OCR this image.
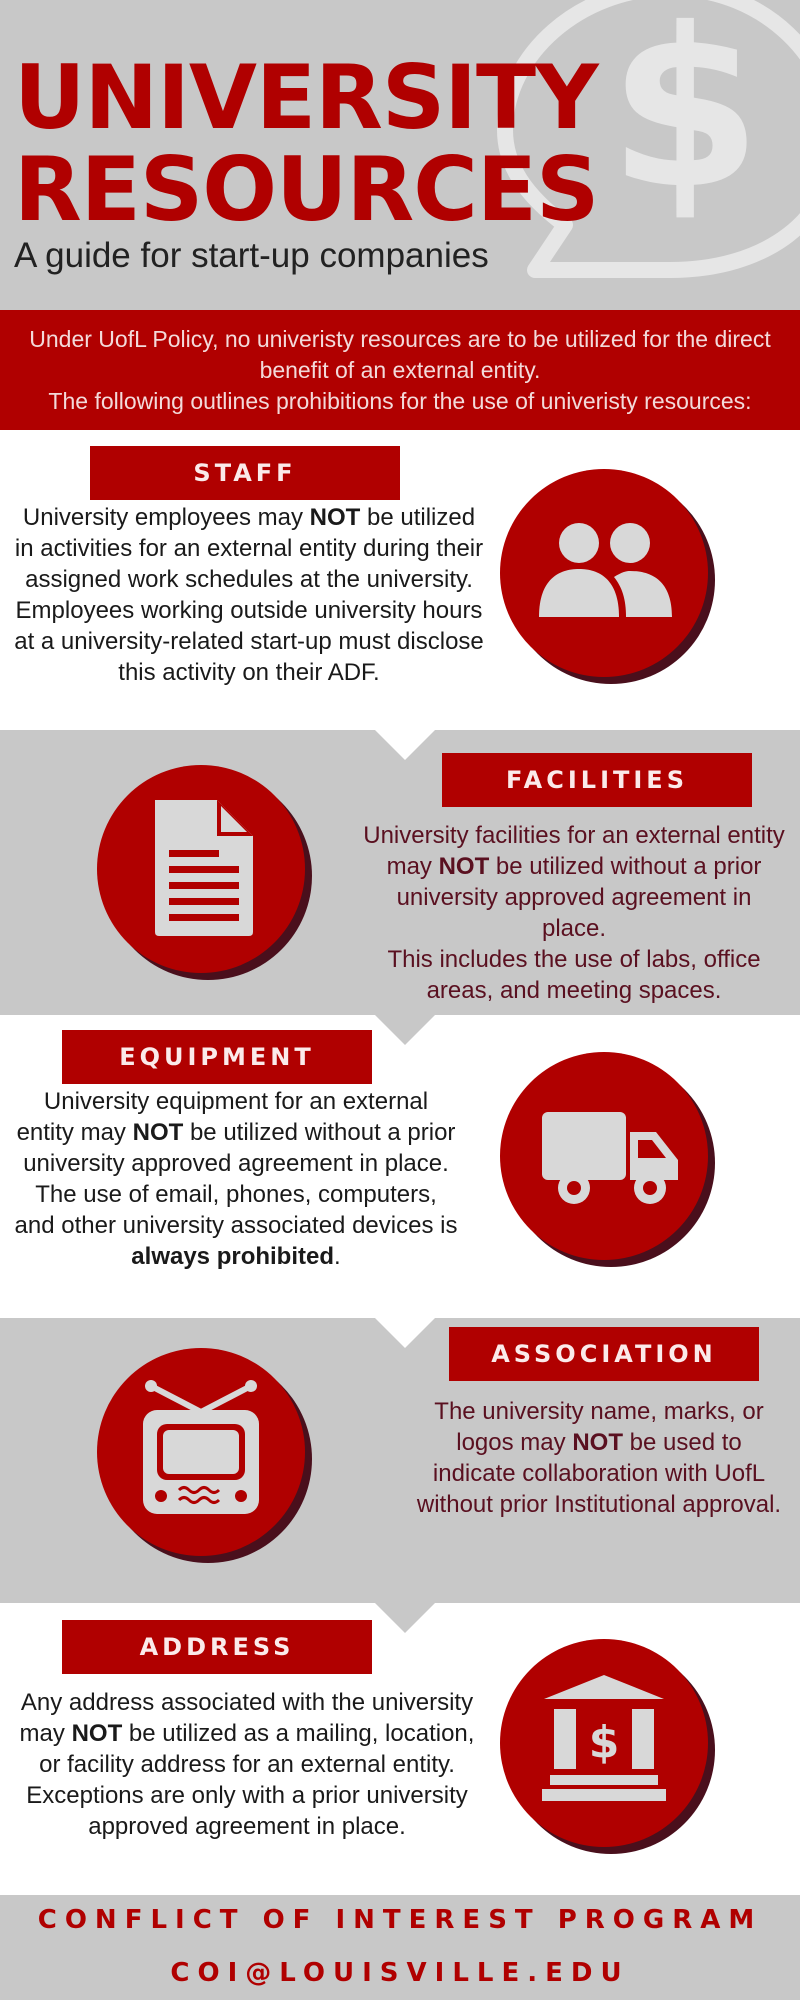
$
UNIVERSITY
RESOURCES
A guide for start-up companies
Under UofL Policy, no univeristy resources are to be utilized for the direct benefit of an external entity.
The following outlines prohibitions for the use of univeristy resources:
STAFF
University employees may NOT be utilized in activities for an external entity during their assigned work schedules at the university.
Employees working outside university hours at a university-related start-up must disclose this activity on their ADF.
FACILITIES
University facilities for an external entity may NOT be utilized without a prior university approved agreement in place.
This includes the use of labs, office areas, and meeting spaces.
EQUIPMENT
University equipment for an external entity may NOT be utilized without a prior university approved agreement in place.
The use of email, phones, computers, and other university associated devices is always prohibited.
ASSOCIATION
The university name, marks, or logos may NOT be used to indicate collaboration with UofL without prior Institutional approval.
ADDRESS
Any address associated with the university may NOT be utilized as a mailing, location, or facility address for an external entity.
Exceptions are only with a prior university approved agreement in place.
$
CONFLICT OF INTEREST PROGRAM
COI@LOUISVILLE.EDU
